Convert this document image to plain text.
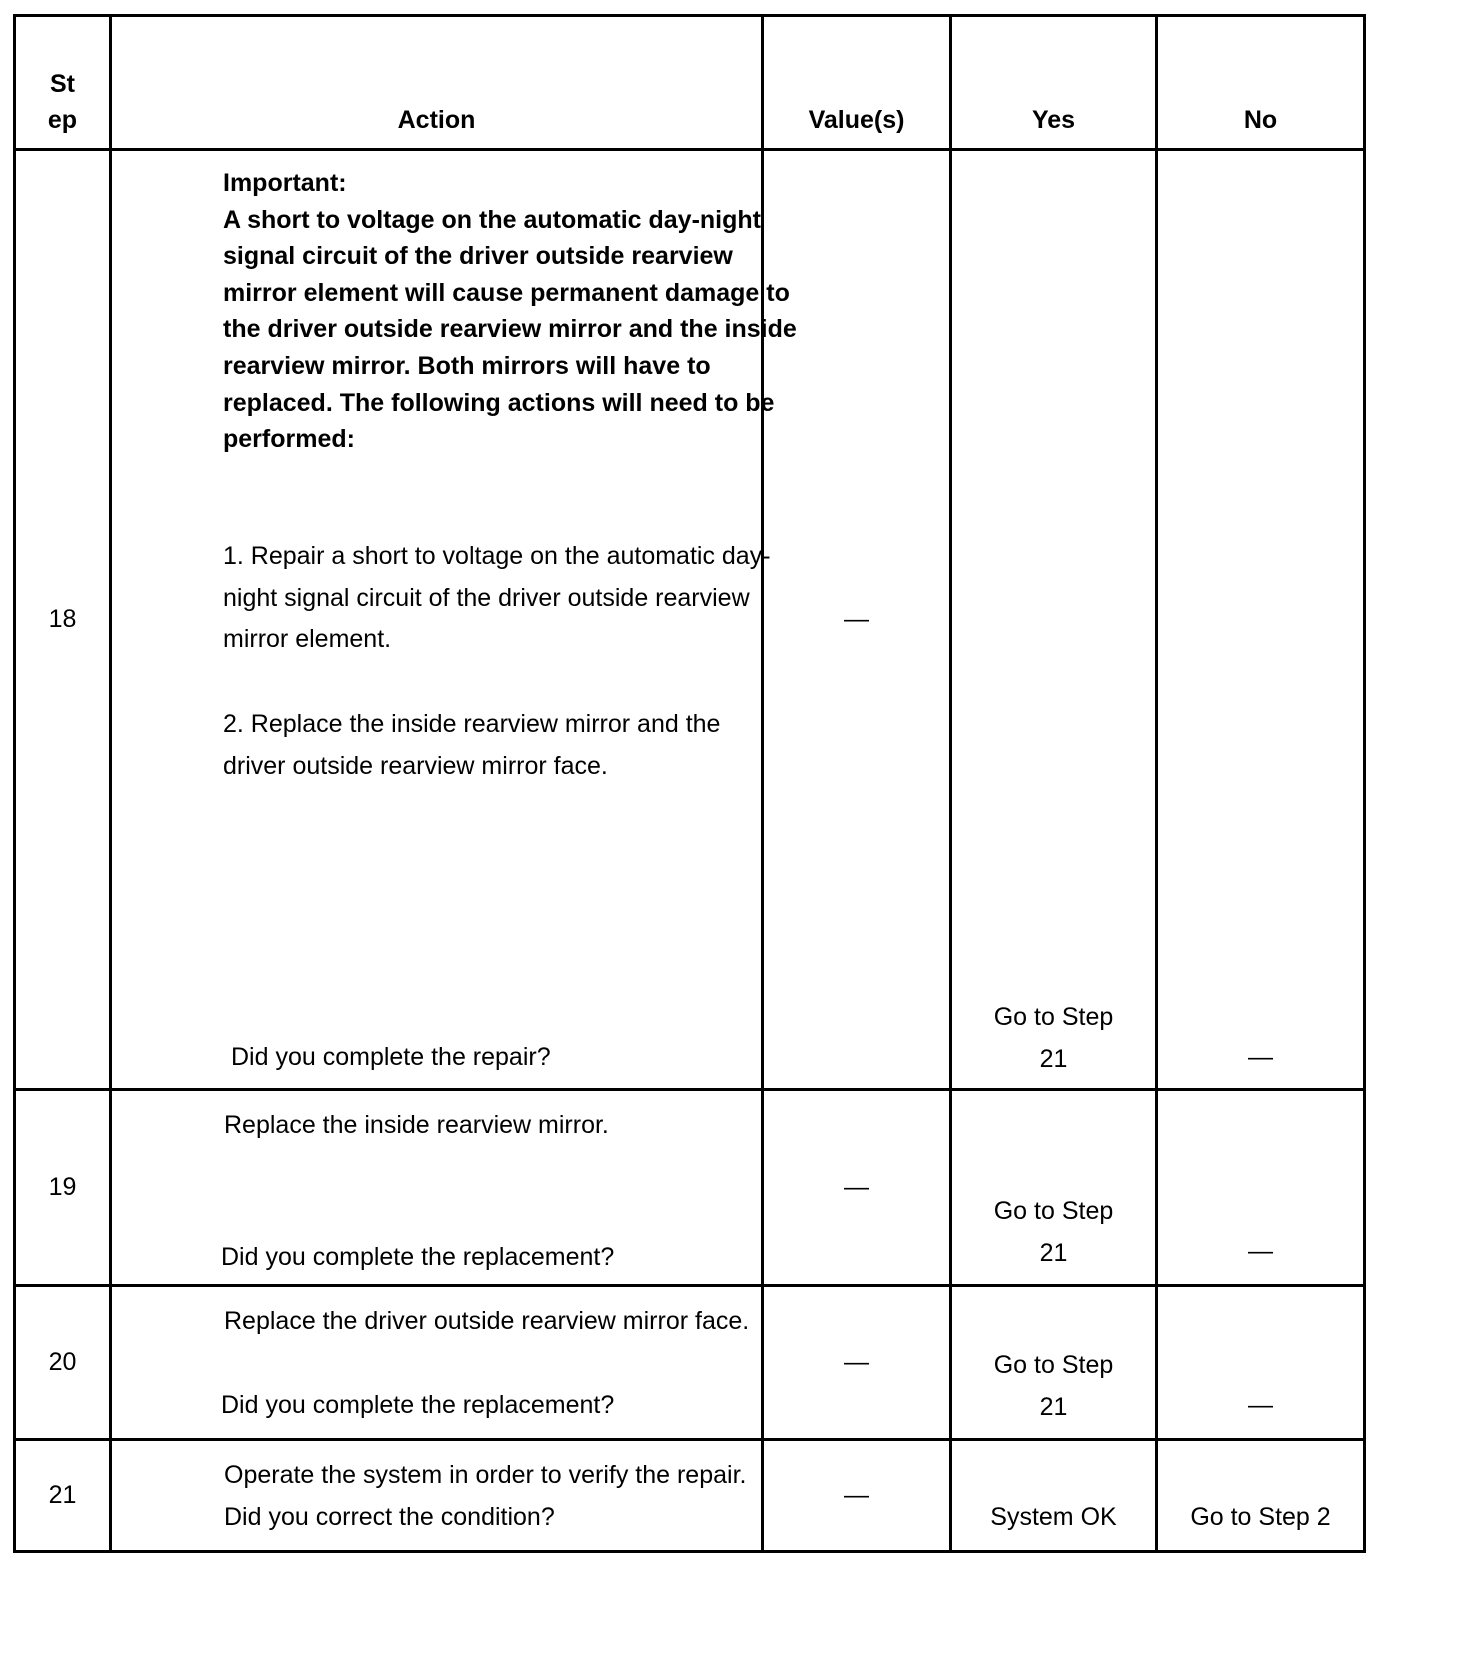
St ep	Action	Value(s)	Yes	No
18	Important:
A short to voltage on the automatic day-night signal circuit of the driver outside rearview mirror element will cause permanent damage to the driver outside rearview mirror and the inside rearview mirror. Both mirrors will have to replaced. The following actions will need to be performed:
1. Repair a short to voltage on the automatic day-night signal circuit of the driver outside rearview mirror element.
2. Replace the inside rearview mirror and the driver outside rearview mirror face.
Did you complete the repair?	—	Go to Step 21	—

19	Replace the inside rearview mirror.
Did you complete the replacement?	—	Go to Step 21	—

20	Replace the driver outside rearview mirror face.
Did you complete the replacement?	—	Go to Step 21	—

21	Operate the system in order to verify the repair.
Did you correct the condition?	—	System OK	Go to Step 2
